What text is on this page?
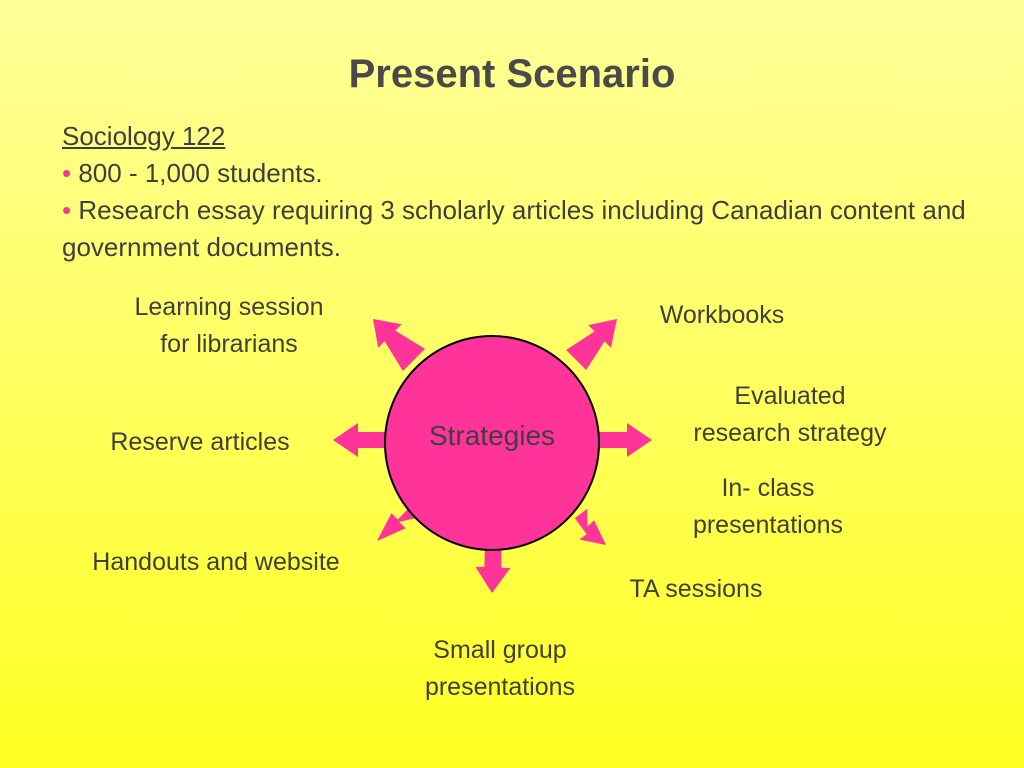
Present Scenario
Sociology 122
• 800 - 1,000 students.
• Research essay requiring 3 scholarly articles including Canadian content and government documents.
Strategies
Learning session
for librarians
Workbooks
Evaluated
research strategy
In- class
presentations
Reserve articles
Handouts and website
TA sessions
Small group
presentations
